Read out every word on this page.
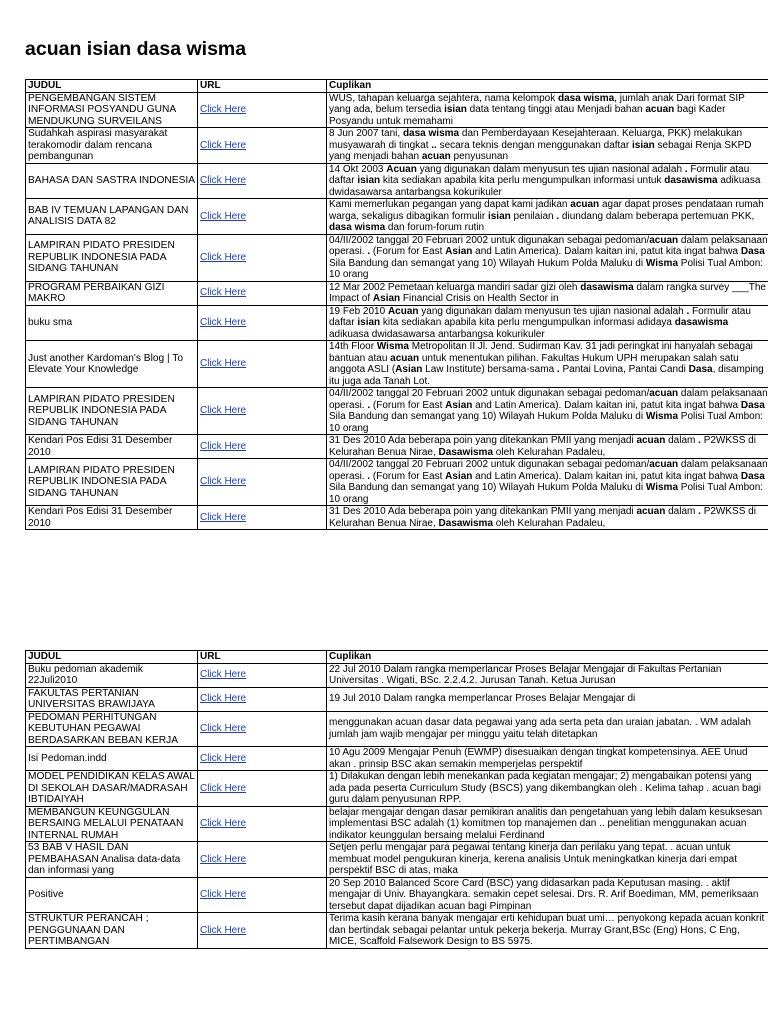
acuan isian dasa wisma
JUDUL	URL	Cuplikan
PENGEMBANGAN SISTEM INFORMASI POSYANDU GUNA MENDUKUNG SURVEILANS	Click Here	WUS, tahapan keluarga sejahtera, nama kelompok dasa wisma, jumlah anak Dari format SIP yang ada, belum tersedia isian data tentang tinggi atau Menjadi bahan acuan bagi Kader Posyandu untuk memahami
Sudahkah aspirasi masyarakat terakomodir dalam rencana pembangunan	Click Here	8 Jun 2007 tani, dasa wisma dan Pemberdayaan Kesejahteraan. Keluarga, PKK) melakukan musyawarah di tingkat .. secara teknis dengan menggunakan daftar isian sebagai Renja SKPD yang menjadi bahan acuan penyusunan
BAHASA DAN SASTRA INDONESIA	Click Here	14 Okt 2003 Acuan yang digunakan dalam menyusun tes ujian nasional adalah . Formulir atau daftar isian kita sediakan apabila kita perlu mengumpulkan informasi untuk dasawisma adikuasa dwidasawarsa antarbangsa kokurikuler
BAB IV TEMUAN LAPANGAN DAN ANALISIS DATA 82	Click Here	Kami memerlukan pegangan yang dapat kami jadikan acuan agar dapat proses pendataan rumah warga, sekaligus dibagikan formulir isian penilaian . diundang dalam beberapa pertemuan PKK, dasa wisma dan forum-forum rutin
LAMPIRAN PIDATO PRESIDEN REPUBLIK INDONESIA PADA SIDANG TAHUNAN	Click Here	04/II/2002 tanggal 20 Februari 2002 untuk digunakan sebagai pedoman/acuan dalam pelaksanaan operasi. . (Forum for East Asian and Latin America). Dalam kaitan ini, patut kita ingat bahwa Dasa Sila Bandung dan semangat yang 10) Wilayah Hukum Polda Maluku di Wisma Polisi Tual Ambon: 10 orang
PROGRAM PERBAIKAN GIZI MAKRO	Click Here	12 Mar 2002 Pemetaan keluarga mandiri sadar gizi oleh dasawisma dalam rangka survey ___The Impact of Asian Financial Crisis on Health Sector in
buku sma	Click Here	19 Feb 2010 Acuan yang digunakan dalam menyusun tes ujian nasional adalah . Formulir atau daftar isian kita sediakan apabila kita perlu mengumpulkan informasi adidaya dasawisma adikuasa dwidasawarsa antarbangsa kokurikuler
Just another Kardoman's Blog | To Elevate Your Knowledge	Click Here	14th Floor Wisma Metropolitan II Jl. Jend. Sudirman Kav. 31 jadi peringkat ini hanyalah sebagai bantuan atau acuan untuk menentukan pilihan. Fakultas Hukum UPH merupakan salah satu anggota ASLI (Asian Law Institute) bersama-sama . Pantai Lovina, Pantai Candi Dasa, disamping itu juga ada Tanah Lot.
LAMPIRAN PIDATO PRESIDEN REPUBLIK INDONESIA PADA SIDANG TAHUNAN	Click Here	04/II/2002 tanggal 20 Februari 2002 untuk digunakan sebagai pedoman/acuan dalam pelaksanaan operasi. . (Forum for East Asian and Latin America). Dalam kaitan ini, patut kita ingat bahwa Dasa Sila Bandung dan semangat yang 10) Wilayah Hukum Polda Maluku di Wisma Polisi Tual Ambon: 10 orang
Kendari Pos Edisi 31 Desember 2010	Click Here	31 Des 2010 Ada beberapa poin yang ditekankan PMII yang menjadi acuan dalam . P2WKSS di Kelurahan Benua Nirae, Dasawisma oleh Kelurahan Padaleu,
LAMPIRAN PIDATO PRESIDEN REPUBLIK INDONESIA PADA SIDANG TAHUNAN	Click Here	04/II/2002 tanggal 20 Februari 2002 untuk digunakan sebagai pedoman/acuan dalam pelaksanaan operasi. . (Forum for East Asian and Latin America). Dalam kaitan ini, patut kita ingat bahwa Dasa Sila Bandung dan semangat yang 10) Wilayah Hukum Polda Maluku di Wisma Polisi Tual Ambon: 10 orang
Kendari Pos Edisi 31 Desember 2010	Click Here	31 Des 2010 Ada beberapa poin yang ditekankan PMII yang menjadi acuan dalam . P2WKSS di Kelurahan Benua Nirae, Dasawisma oleh Kelurahan Padaleu,
JUDUL	URL	Cuplikan
Buku pedoman akademik 22Juli2010	Click Here	22 Jul 2010 Dalam rangka memperlancar Proses Belajar Mengajar di Fakultas Pertanian Universitas . Wigati, BSc. 2.2.4.2. Jurusan Tanah. Ketua Jurusan
FAKULTAS PERTANIAN UNIVERSITAS BRAWIJAYA	Click Here	19 Jul 2010 Dalam rangka memperlancar Proses Belajar Mengajar di
PEDOMAN PERHITUNGAN KEBUTUHAN PEGAWAI BERDASARKAN BEBAN KERJA	Click Here	menggunakan acuan dasar data pegawai yang ada serta peta dan uraian jabatan. . WM adalah jumlah jam wajib mengajar per minggu yaitu telah ditetapkan
Isi Pedoman.indd	Click Here	10 Agu 2009 Mengajar Penuh (EWMP) disesuaikan dengan tingkat kompetensinya. AEE Unud akan . prinsip BSC akan semakin memperjelas perspektif
MODEL PENDIDIKAN KELAS AWAL DI SEKOLAH DASAR/MADRASAH IBTIDAIYAH	Click Here	1) Dilakukan dengan lebih menekankan pada kegiatan mengajar; 2) mengabaikan potensi yang ada pada peserta Curriculum Study (BSCS) yang dikembangkan oleh . Kelima tahap . acuan bagi guru dalam penyusunan RPP.
MEMBANGUN KEUNGGULAN BERSAING MELALUI PENATAAN INTERNAL RUMAH	Click Here	belajar mengajar dengan dasar pemikiran analitis dan pengetahuan yang lebih dalam kesuksesan implementasi BSC adalah (1) komitmen top manajemen dan .. penelitian menggunakan acuan indikator keunggulan bersaing melalui Ferdinand
53 BAB V HASIL DAN PEMBAHASAN Analisa data-data dan informasi yang	Click Here	Setjen perlu mengajar para pegawai tentang kinerja dan perilaku yang tepat. . acuan untuk membuat model pengukuran kinerja, kerena analisis Untuk meningkatkan kinerja dari empat perspektif BSC di atas, maka
Positive	Click Here	20 Sep 2010 Balanced Score Card (BSC) yang didasarkan pada Keputusan masing. . aktif mengajar di Univ. Bhayangkara. semakin cepet selesai. Drs. R. Arif Boediman, MM, pemeriksaan tersebut dapat dijadikan acuan bagi Pimpinan
STRUKTUR PERANCAH ; PENGGUNAAN DAN PERTIMBANGAN	Click Here	Terima kasih kerana banyak mengajar erti kehidupan buat umi… penyokong kepada acuan konkrit dan bertindak sebagai pelantar untuk pekerja bekerja. Murray Grant,BSc (Eng) Hons, C Eng, MICE, Scaffold Falsework Design to BS 5975.
